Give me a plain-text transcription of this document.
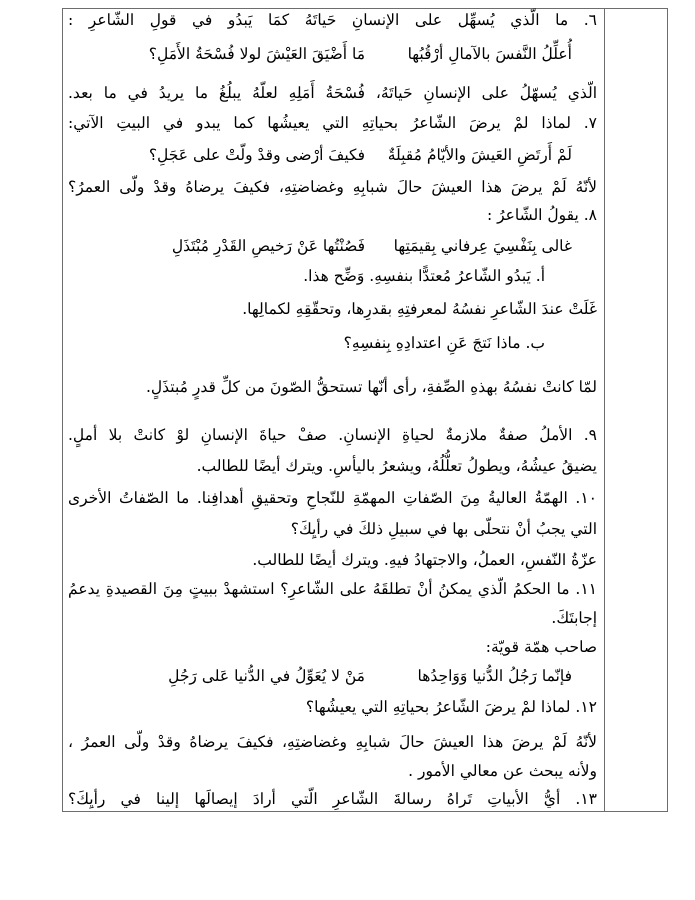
٦. ما الّذي يُسهِّل على الإنسانِ حَياتَهُ كمَا يَبدُو في قولِ الشّاعرِ :
أُعلِّلُ النَّفسَ بالآمالِ أرْقُبُها
مَا أَضْيَقَ العَيْشَ لولا فُسْحَةُ الأَمَلِ؟
الّذي يُسهّلُ على الإنسانِ حَياتَهُ، فُسْحَةُ أَمَلِهِ لعلّهُ يبلُغُ ما يريدُ في ما بعد.
٧. لماذا لمْ يرضَ الشّاعرُ بحياتِهِ التي يعيشُها كما يبدو في البيتِ الآتي:
لَمْ أَرتَضِ العَيشَ والأيّامُ مُقبِلَةٌ
فكيفَ أرْضى وقدْ ولّتْ على عَجَلِ؟
لأنّهُ لَمْ يرضَ هذا العيشَ حالَ شبابِهِ وغضاضتِهِ، فكيفَ يرضاهُ وقدْ ولّى العمرُ؟
٨. يقولُ الشّاعرُ :
غالى بِنَفْسِيَ عِرفاني بِقيمَتِها
فَصُنْتُها عَنْ رَخيصِ القَدْرِ مُبْتَذَلِ
أ. يَبدُو الشّاعرُ مُعتدًّا بنفسِهِ. وَضِّح هذا.
غَلَتْ عندَ الشّاعرِ نفسُهُ لمعرفتِهِ بقدرِها، وتحقّقِهِ لكمالِها.
ب. ماذا نَتجَ عَنِ اعتدادِهِ بِنفسِهِ؟
لمّا كانتْ نفسُهُ بهذهِ الصِّفةِ، رأى أنّها تستحقُّ الصّونَ من كلِّ قدرٍ مُبتذَلٍ.
٩. الأملُ صفةٌ ملازمةٌ لحياةِ الإنسانِ. صفْ حياةَ الإنسانِ لوْ كانتْ بلا أملٍ.
يضيقُ عيشُهُ، ويطولُ تعلُّلُهُ، ويشعرُ باليأسِ. ويترك أيضًا للطالب.
١٠. الهمّةُ العاليةُ مِنَ الصّفاتِ المهمّةِ للنّجاحِ وتحقيقِ أهدافِنا. ما الصّفاتُ الأخرى
التي يجبُ أنْ نتحلّى بها في سبيلِ ذلكَ في رأيِكَ؟
عزّةُ النّفسِ، العملُ، والاجتهادُ فيهِ. ويترك أيضًا للطالب.
١١. ما الحكمُ الّذي يمكنُ أنْ تطلقَهُ على الشّاعرِ؟ استشهدْ ببيتٍ مِنَ القصيدةِ يدعمُ
إجابتَكَ.
صاحب همّة قويّة:
فإنّما رَجُلُ الدُّنيا وَوَاحِدُها
مَنْ لا يُعَوِّلُ في الدُّنيا عَلى رَجُلِ
١٢. لماذا لمْ يرضَ الشّاعرُ بحياتِهِ التي يعيشُها؟
لأنّهُ لَمْ يرضَ هذا العيشَ حالَ شبابِهِ وغضاضتِهِ، فكيفَ يرضاهُ وقدْ ولّى العمرُ ،
ولأنه يبحث عن معالي الأمور .
١٣. أيُّ الأبياتِ تَراهُ رسالةَ الشّاعرِ الّتي أرادَ إيصالَها إلينا في رأيِكَ؟
